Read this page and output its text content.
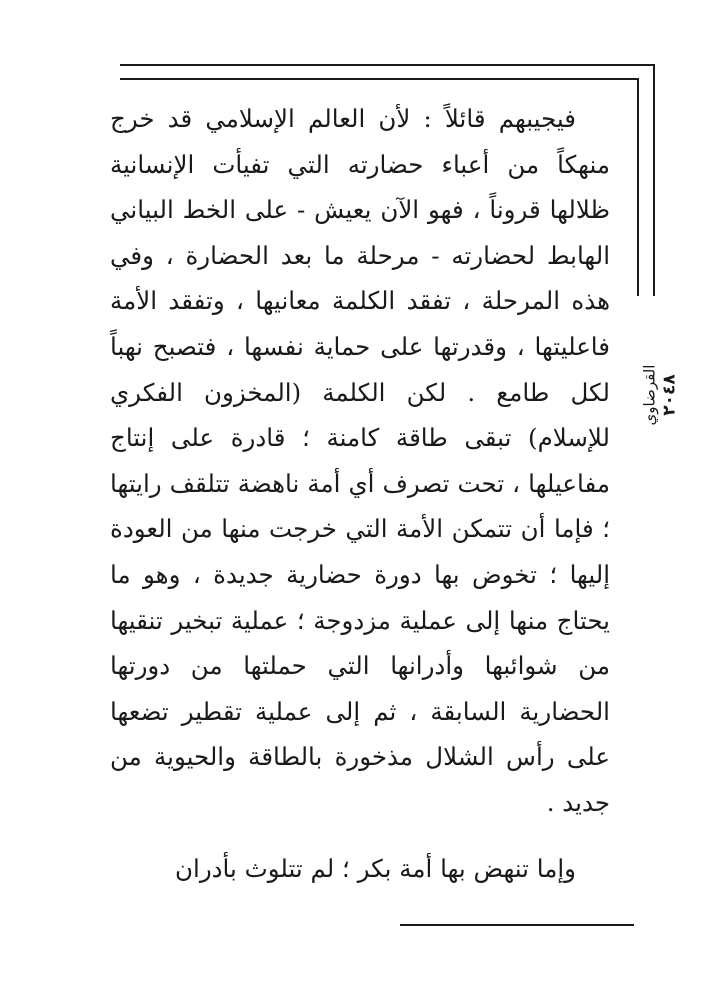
فيجيبهم قائلاً : لأن العالم الإسلامي قد خرج منهكاً من أعباء حضارته التي تفيأت الإنسانية ظلالها قروناً ، فهو الآن يعيش - على الخط البياني الهابط لحضارته - مرحلة ما بعد الحضارة ، وفي هذه المرحلة ، تفقد الكلمة معانيها ، وتفقد الأمة فاعليتها ، وقدرتها على حماية نفسها ، فتصبح نهباً لكل طامع . لكن الكلمة (المخزون الفكري للإسلام) تبقى طاقة كامنة ؛ قادرة على إنتاج مفاعيلها ، تحت تصرف أي أمة ناهضة تتلقف رايتها ؛ فإما أن تتمكن الأمة التي خرجت منها من العودة إليها ؛ تخوض بها دورة حضارية جديدة ، وهو ما يحتاج منها إلى عملية مزدوجة ؛ عملية تبخير تنقيها من شوائبها وأدرانها التي حملتها من دورتها الحضارية السابقة ، ثم إلى عملية تقطير تضعها على رأس الشلال مذخورة بالطاقة والحيوية من جديد .

وإما تنهض بها أمة بكر ؛ لم تتلوث بأدران

القرضاوي ٢٠٤٨
